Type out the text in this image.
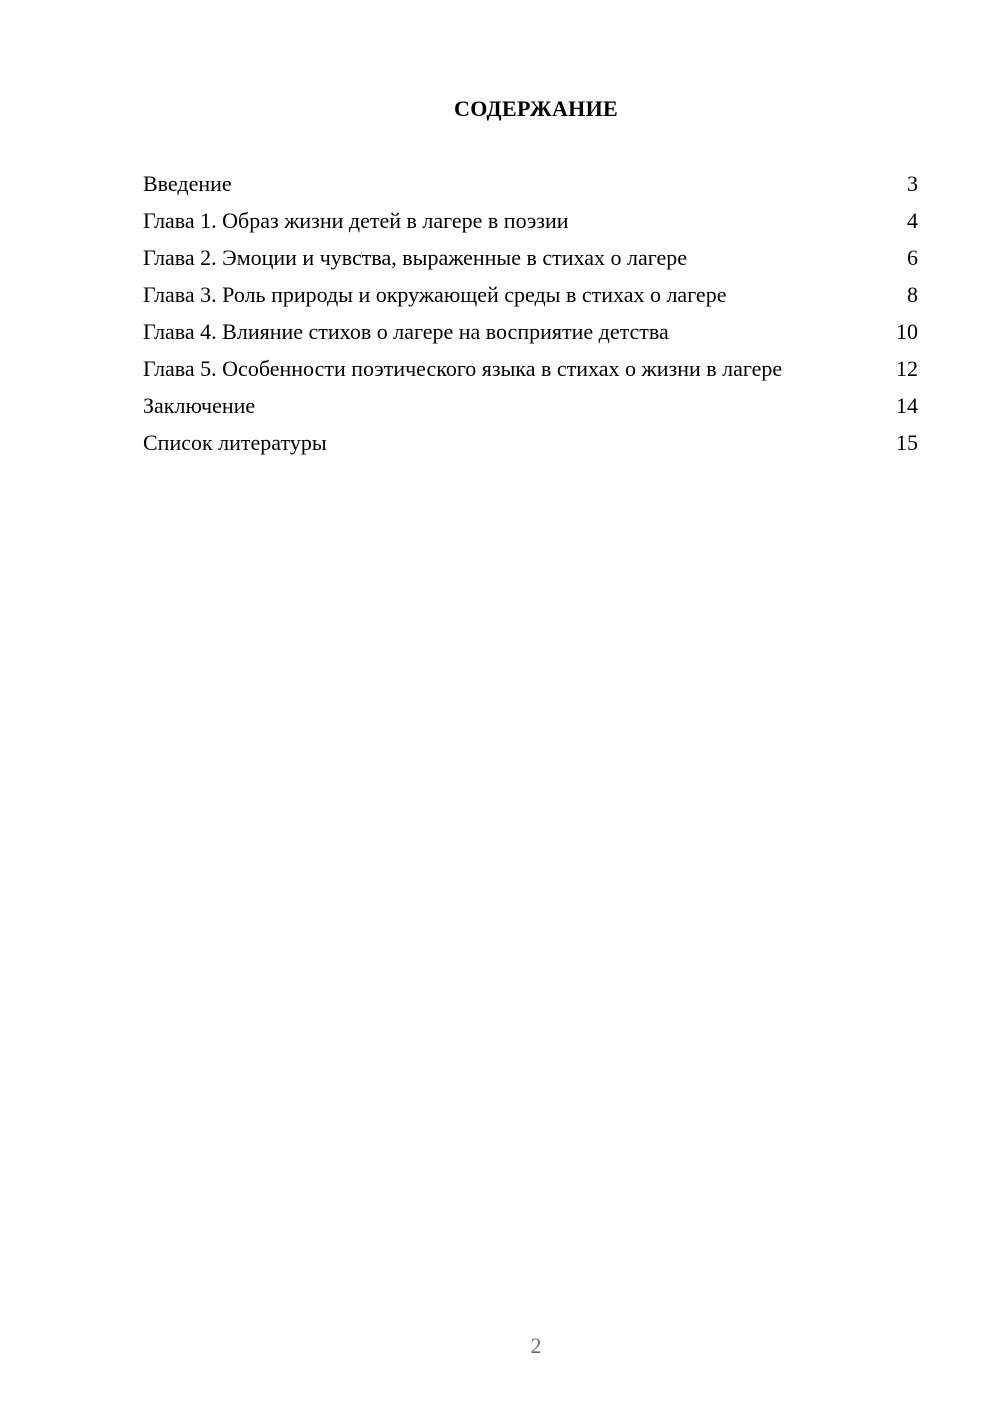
СОДЕРЖАНИЕ
Введение	3
Глава 1. Образ жизни детей в лагере в поэзии	4
Глава 2. Эмоции и чувства, выраженные в стихах о лагере	6
Глава 3. Роль природы и окружающей среды в стихах о лагере	8
Глава 4. Влияние стихов о лагере на восприятие детства	10
Глава 5. Особенности поэтического языка в стихах о жизни в лагере	12
Заключение	14
Список литературы	15
2
